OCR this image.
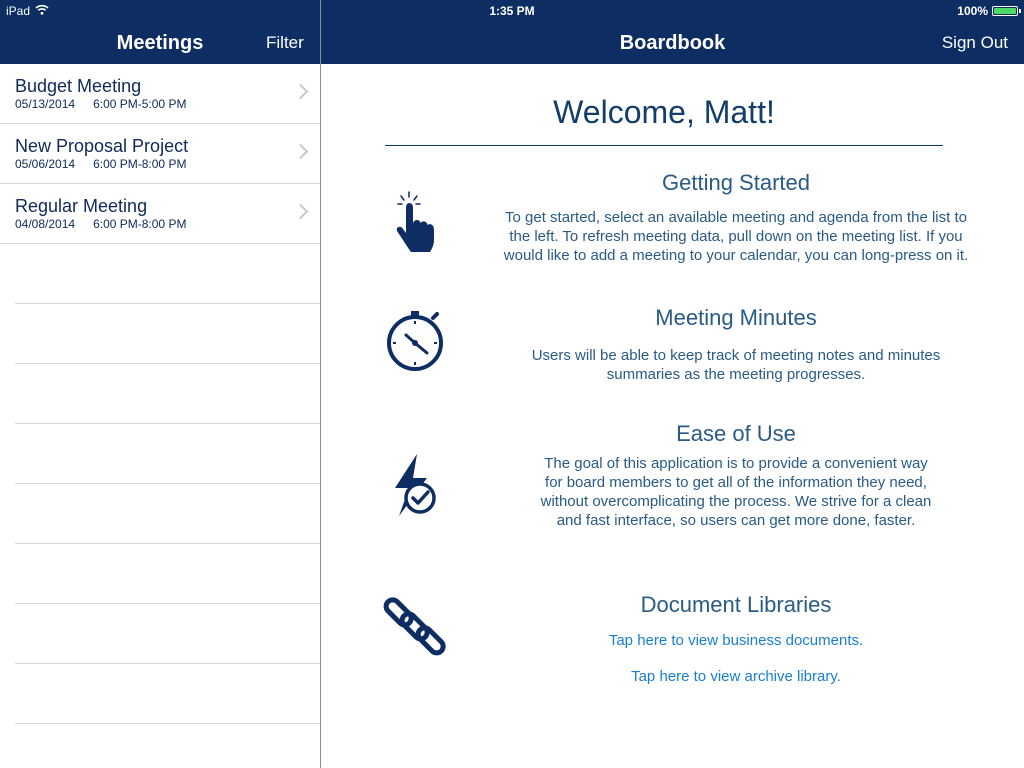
iPad	1:35 PM	100%
Meetings	Filter	Boardbook	Sign Out
Budget Meeting
05/13/2014 6:00 PM-5:00 PM
New Proposal Project
05/06/2014 6:00 PM-8:00 PM
Regular Meeting
04/08/2014 6:00 PM-8:00 PM
Welcome, Matt!
Getting Started
To get started, select an available meeting and agenda from the list to
the left. To refresh meeting data, pull down on the meeting list. If you
would like to add a meeting to your calendar, you can long-press on it.
Meeting Minutes
Users will be able to keep track of meeting notes and minutes
summaries as the meeting progresses.
Ease of Use
The goal of this application is to provide a convenient way
for board members to get all of the information they need,
without overcomplicating the process. We strive for a clean
and fast interface, so users can get more done, faster.
Document Libraries
Tap here to view business documents.
Tap here to view archive library.
